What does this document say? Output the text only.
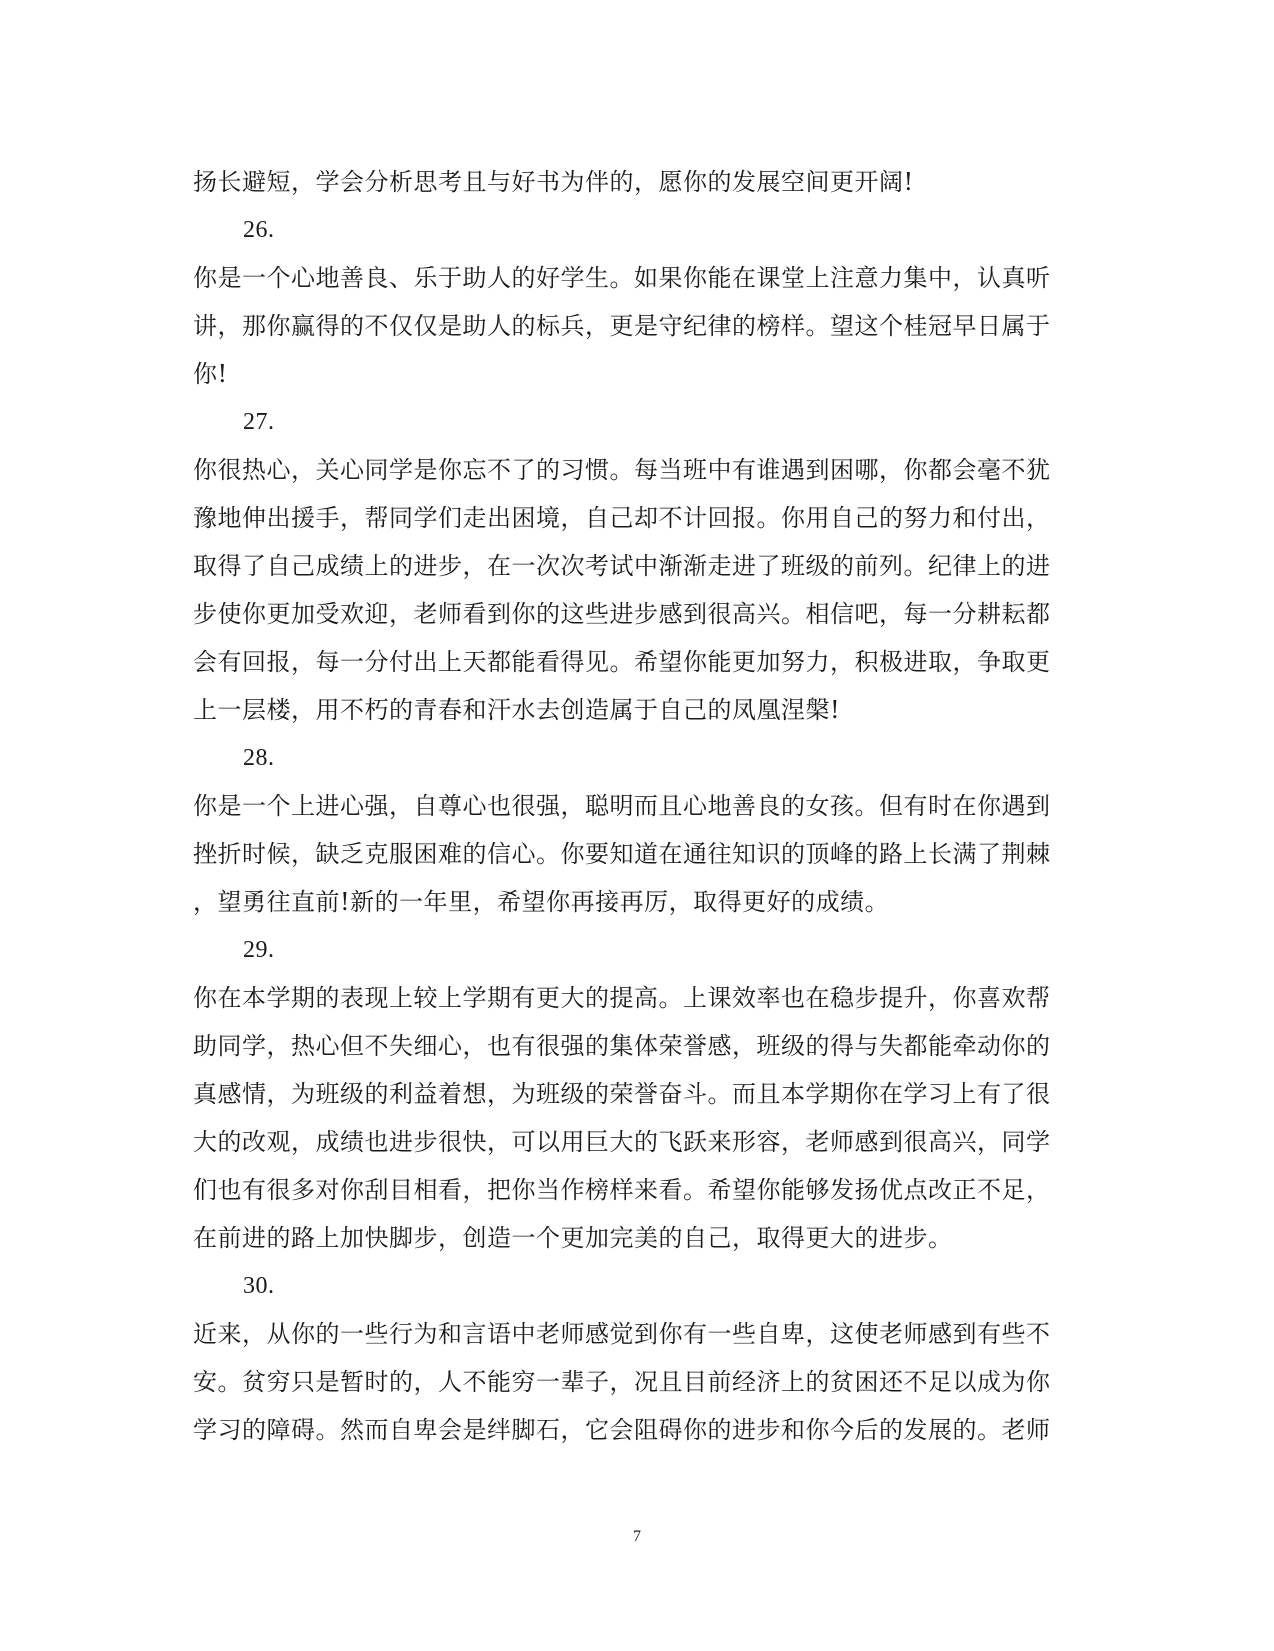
扬长避短，学会分析思考且与好书为伴的，愿你的发展空间更开阔!
26.
你是一个心地善良、乐于助人的好学生。如果你能在课堂上注意力集中，认真听
讲，那你赢得的不仅仅是助人的标兵，更是守纪律的榜样。望这个桂冠早日属于
你!
27.
你很热心，关心同学是你忘不了的习惯。每当班中有谁遇到困哪，你都会毫不犹
豫地伸出援手，帮同学们走出困境，自己却不计回报。你用自己的努力和付出，
取得了自己成绩上的进步，在一次次考试中渐渐走进了班级的前列。纪律上的进
步使你更加受欢迎，老师看到你的这些进步感到很高兴。相信吧，每一分耕耘都
会有回报，每一分付出上天都能看得见。希望你能更加努力，积极进取，争取更
上一层楼，用不朽的青春和汗水去创造属于自己的凤凰涅槃!
28.
你是一个上进心强，自尊心也很强，聪明而且心地善良的女孩。但有时在你遇到
挫折时候，缺乏克服困难的信心。你要知道在通往知识的顶峰的路上长满了荆棘
，望勇往直前!新的一年里，希望你再接再厉，取得更好的成绩。
29.
你在本学期的表现上较上学期有更大的提高。上课效率也在稳步提升，你喜欢帮
助同学，热心但不失细心，也有很强的集体荣誉感，班级的得与失都能牵动你的
真感情，为班级的利益着想，为班级的荣誉奋斗。而且本学期你在学习上有了很
大的改观，成绩也进步很快，可以用巨大的飞跃来形容，老师感到很高兴，同学
们也有很多对你刮目相看，把你当作榜样来看。希望你能够发扬优点改正不足，
在前进的路上加快脚步，创造一个更加完美的自己，取得更大的进步。
30.
近来，从你的一些行为和言语中老师感觉到你有一些自卑，这使老师感到有些不
安。贫穷只是暂时的，人不能穷一辈子，况且目前经济上的贫困还不足以成为你
学习的障碍。然而自卑会是绊脚石，它会阻碍你的进步和你今后的发展的。老师
7
